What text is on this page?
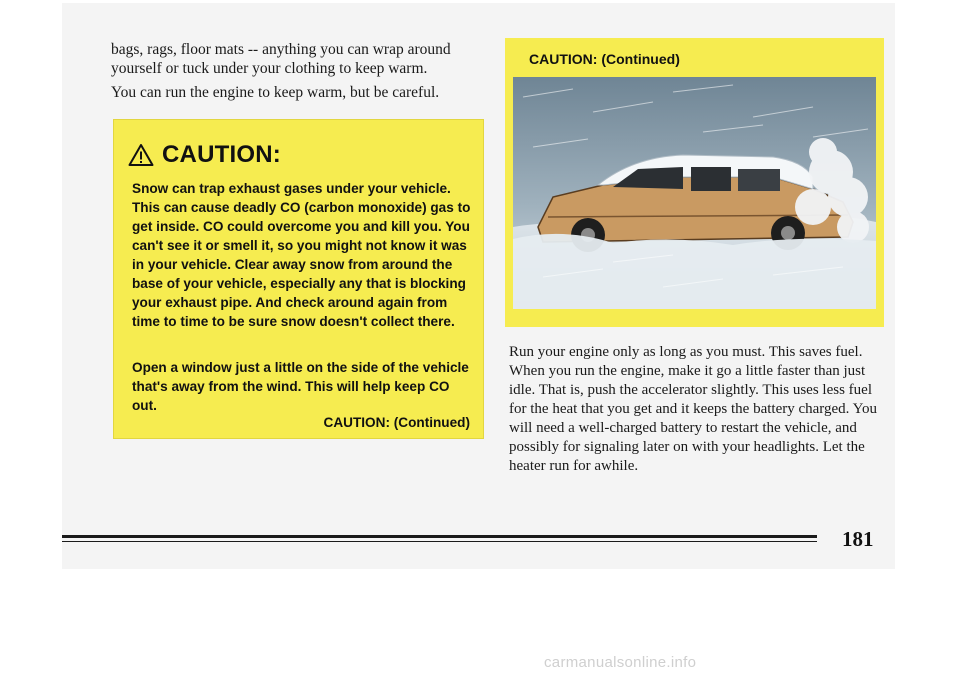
bags, rags, floor mats -- anything you can wrap around yourself or tuck under your clothing to keep warm.

You can run the engine to keep warm, but be careful.

CAUTION:

Snow can trap exhaust gases under your vehicle. This can cause deadly CO (carbon monoxide) gas to get inside. CO could overcome you and kill you. You can't see it or smell it, so you might not know it was in your vehicle. Clear away snow from around the base of your vehicle, especially any that is blocking your exhaust pipe. And check around again from time to time to be sure snow doesn't collect there.

Open a window just a little on the side of the vehicle that's away from the wind. This will help keep CO out.

CAUTION: (Continued)
CAUTION: (Continued)

Run your engine only as long as you must. This saves fuel. When you run the engine, make it go a little faster than just idle. That is, push the accelerator slightly. This uses less fuel for the heat that you get and it keeps the battery charged. You will need a well-charged battery to restart the vehicle, and possibly for signaling later on with your headlights. Let the heater run for awhile.

181
carmanualsonline.info
